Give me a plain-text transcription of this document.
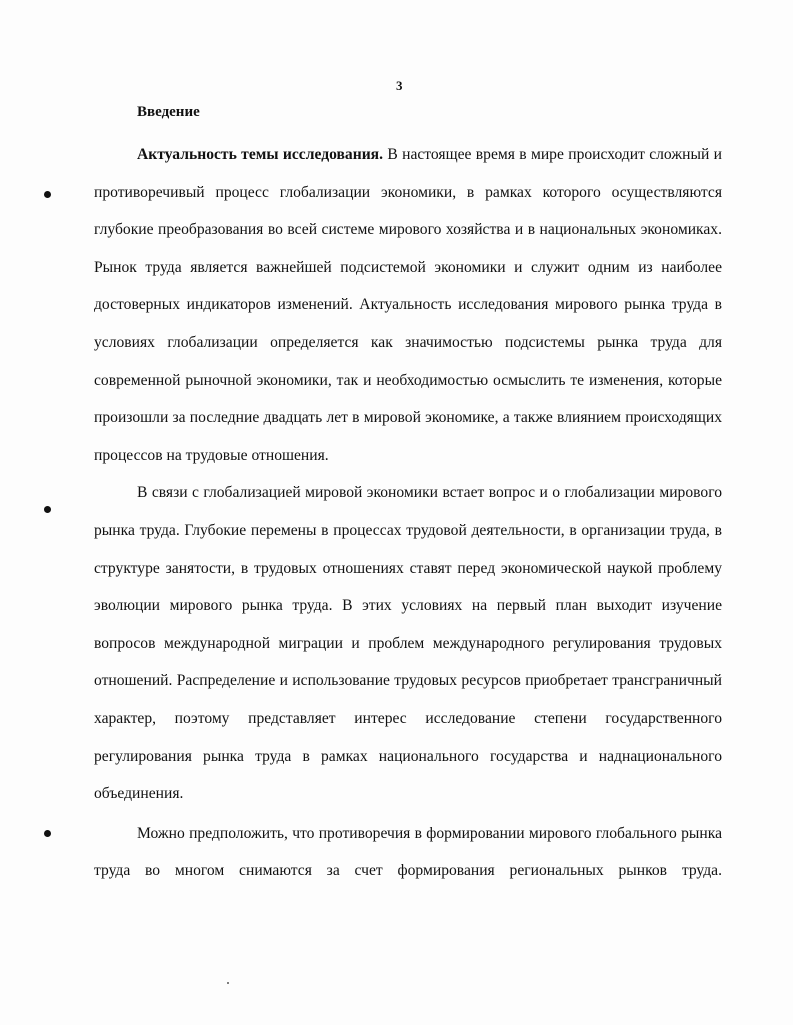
3
Введение

Актуальность темы исследования. В настоящее время в мире происходит сложный и противоречивый процесс глобализации экономики, в рамках которого осуществляются глубокие преобразования во всей системе мирового хозяйства и в национальных экономиках. Рынок труда является важнейшей подсистемой экономики и служит одним из наиболее достоверных индикаторов изменений. Актуальность исследования мирового рынка труда в условиях глобализации определяется как значимостью подсистемы рынка труда для современной рыночной экономики, так и необходимостью осмыслить те изменения, которые произошли за последние двадцать лет в мировой экономике, а также влиянием происходящих процессов на трудовые отношения.

В связи с глобализацией мировой экономики встает вопрос и о глобализации мирового рынка труда. Глубокие перемены в процессах трудовой деятельности, в организации труда, в структуре занятости, в трудовых отношениях ставят перед экономической наукой проблему эволюции мирового рынка труда. В этих условиях на первый план выходит изучение вопросов международной миграции и проблем международного регулирования трудовых отношений. Распределение и использование трудовых ресурсов приобретает трансграничный характер, поэтому представляет интерес исследование степени государственного регулирования рынка труда в рамках национального государства и наднационального объединения.

Можно предположить, что противоречия в формировании мирового глобального рынка труда во многом снимаются за счет формирования региональных рынков труда.
